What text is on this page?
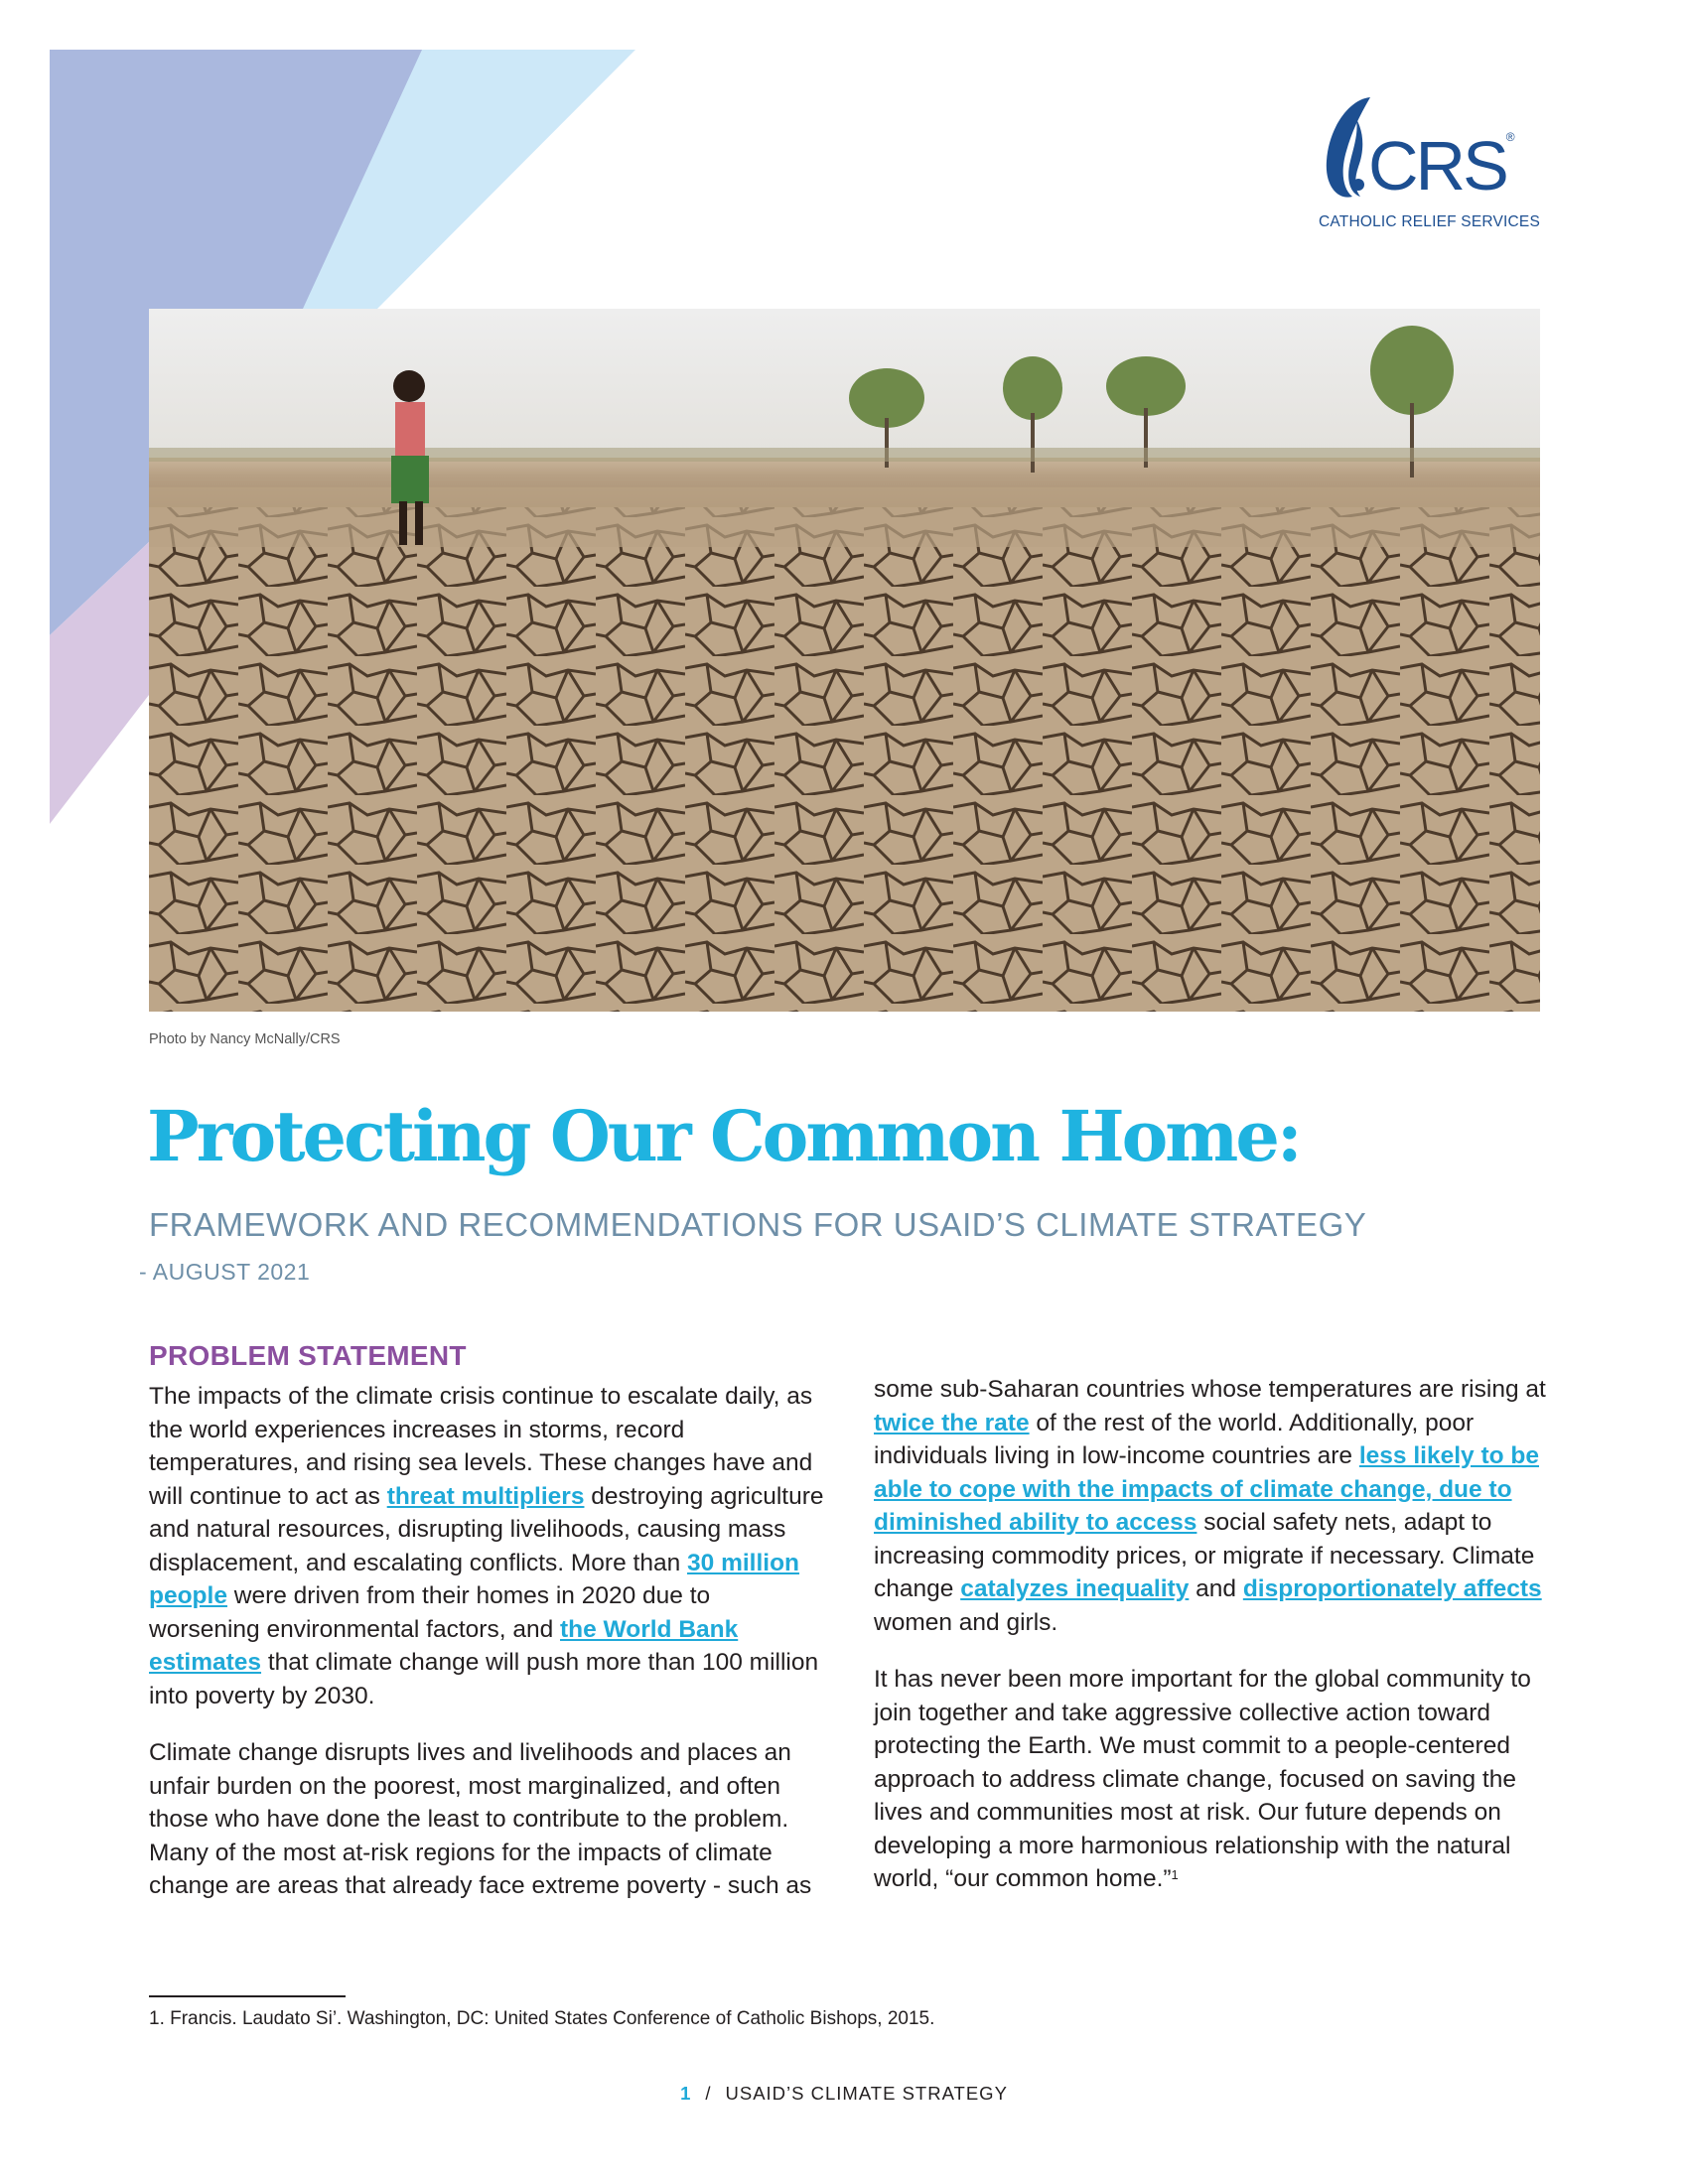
CRS®
CATHOLIC RELIEF SERVICES
Photo by Nancy McNally/CRS
Protecting Our Common Home:
FRAMEWORK AND RECOMMENDATIONS FOR USAID’S CLIMATE STRATEGY
- AUGUST 2021
PROBLEM STATEMENT

The impacts of the climate crisis continue to escalate daily, as the world experiences increases in storms, record temperatures, and rising sea levels. These changes have and will continue to act as threat multipliers destroying agriculture and natural resources, disrupting livelihoods, causing mass displacement, and escalating conflicts. More than 30 million people were driven from their homes in 2020 due to worsening environmental factors, and the World Bank estimates that climate change will push more than 100 million into poverty by 2030.

Climate change disrupts lives and livelihoods and places an unfair burden on the poorest, most marginalized, and often those who have done the least to contribute to the problem. Many of the most at-risk regions for the impacts of climate change are areas that already face extreme poverty - such as

some sub-Saharan countries whose temperatures are rising at twice the rate of the rest of the world. Additionally, poor individuals living in low-income countries are less likely to be able to cope with the impacts of climate change, due to diminished ability to access social safety nets, adapt to increasing commodity prices, or migrate if necessary. Climate change catalyzes inequality and disproportionately affects women and girls.

It has never been more important for the global community to join together and take aggressive collective action toward protecting the Earth. We must commit to a people-centered approach to address climate change, focused on saving the lives and communities most at risk. Our future depends on developing a more harmonious relationship with the natural world, “our common home.”$^1$

1. Francis. Laudato Si’. Washington, DC: United States Conference of Catholic Bishops, 2015.
1 / USAID’S CLIMATE STRATEGY
